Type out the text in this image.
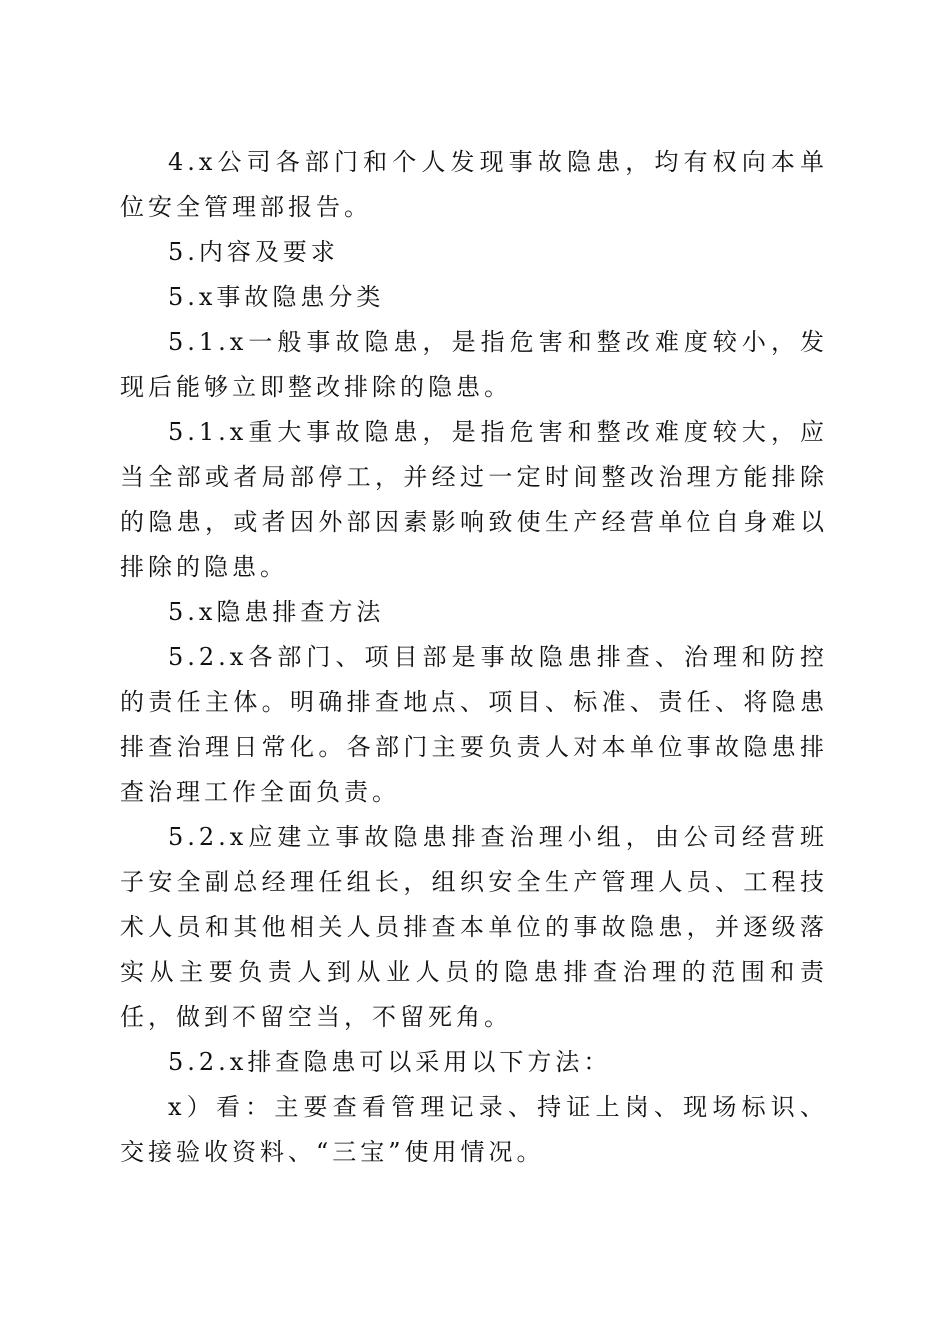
4.x公司各部门和个人发现事故隐患，均有权向本单位安全管理部报告。

5.内容及要求

5.x事故隐患分类

5.1.x一般事故隐患，是指危害和整改难度较小，发现后能够立即整改排除的隐患。

5.1.x重大事故隐患，是指危害和整改难度较大，应当全部或者局部停工，并经过一定时间整改治理方能排除的隐患，或者因外部因素影响致使生产经营单位自身难以排除的隐患。

5.x隐患排查方法

5.2.x各部门、项目部是事故隐患排查、治理和防控的责任主体。明确排查地点、项目、标准、责任、将隐患排查治理日常化。各部门主要负责人对本单位事故隐患排查治理工作全面负责。

5.2.x应建立事故隐患排查治理小组，由公司经营班子安全副总经理任组长，组织安全生产管理人员、工程技术人员和其他相关人员排查本单位的事故隐患，并逐级落实从主要负责人到从业人员的隐患排查治理的范围和责任，做到不留空当，不留死角。

5.2.x排查隐患可以采用以下方法：

x）看：主要查看管理记录、持证上岗、现场标识、交接验收资料、“三宝”使用情况。
